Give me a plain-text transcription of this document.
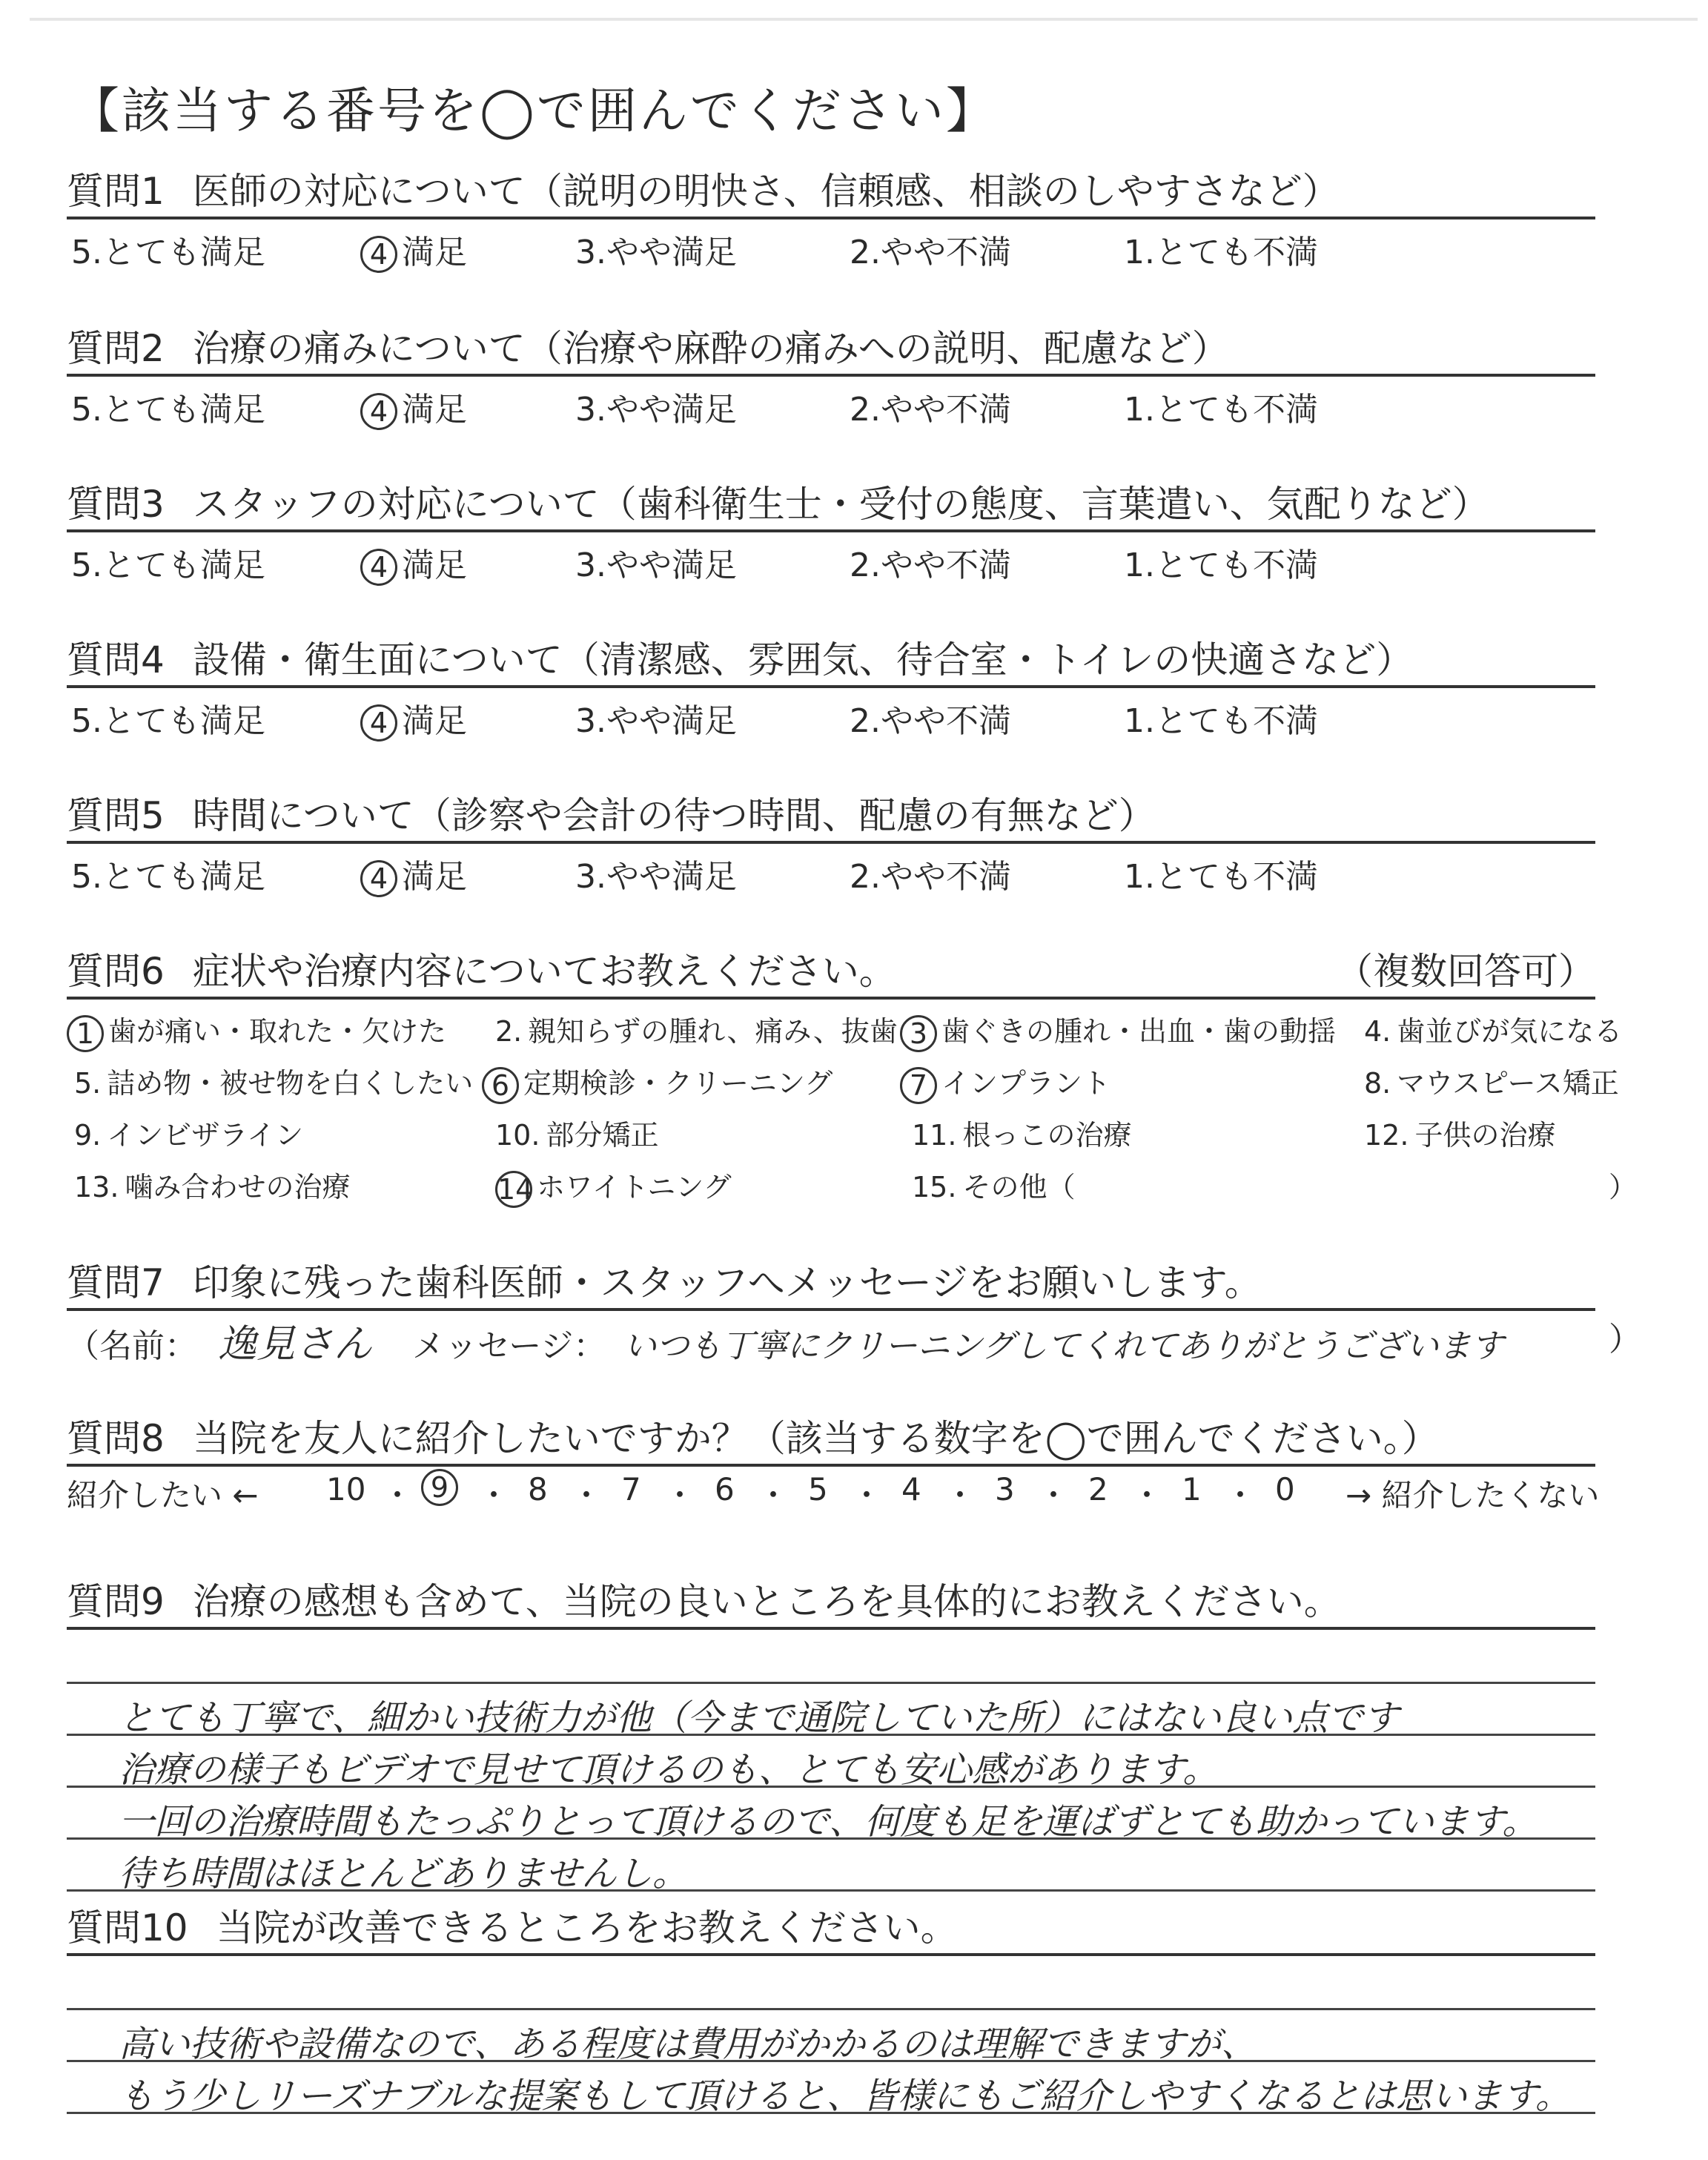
【該当する番号を◯で囲んでください】
質問1 医師の対応について（説明の明快さ、信頼感、相談のしやすさなど）
5.とても満足	4 満足	3.やや満足	2.やや不満	1.とても不満
質問2 治療の痛みについて（治療や麻酔の痛みへの説明、配慮など）
5.とても満足	4 満足	3.やや満足	2.やや不満	1.とても不満
質問3 スタッフの対応について（歯科衛生士・受付の態度、言葉遣い、気配りなど）
5.とても満足	4 満足	3.やや満足	2.やや不満	1.とても不満
質問4 設備・衛生面について（清潔感、雰囲気、待合室・トイレの快適さなど）
5.とても満足	4 満足	3.やや満足	2.やや不満	1.とても不満
質問5 時間について（診察や会計の待つ時間、配慮の有無など）
5.とても満足	4 満足	3.やや満足	2.やや不満	1.とても不満
質問6 症状や治療内容についてお教えください。	（複数回答可）
1 歯が痛い・取れた・欠けた 2. 親知らずの腫れ、痛み、抜歯 3 歯ぐきの腫れ・出血・歯の動揺 4. 歯並びが気になる
5. 詰め物・被せ物を白くしたい 6 定期検診・クリーニング	7 インプラント	8. マウスピース矯正
9. インビザライン	10. 部分矯正	11. 根っこの治療	12. 子供の治療
13. 噛み合わせの治療	14 ホワイトニング	15. その他（	）
質問7 印象に残った歯科医師・スタッフへメッセージをお願いします。
（名前： 逸見さん メッセージ： いつも丁寧にクリーニングしてくれてありがとうございます	）
質問8 当院を友人に紹介したいですか？（該当する数字を◯で囲んでください。）
紹介したい ← 10 ・ 9 ・ 8 ・ 7 ・ 6 ・ 5 ・ 4 ・ 3 ・ 2 ・ 1 ・ 0 → 紹介したくない
質問9 治療の感想も含めて、当院の良いところを具体的にお教えください。
とても丁寧で、細かい技術力が他（今まで通院していた所）にはない良い点です
治療の様子もビデオで見せて頂けるのも、とても安心感があります。
一回の治療時間もたっぷりとって頂けるので、何度も足を運ばずとても助かっています。
待ち時間はほとんどありませんし。
質問10 当院が改善できるところをお教えください。
高い技術や設備なので、ある程度は費用がかかるのは理解できますが、
もう少しリーズナブルな提案もして頂けると、皆様にもご紹介しやすくなるとは思います。
